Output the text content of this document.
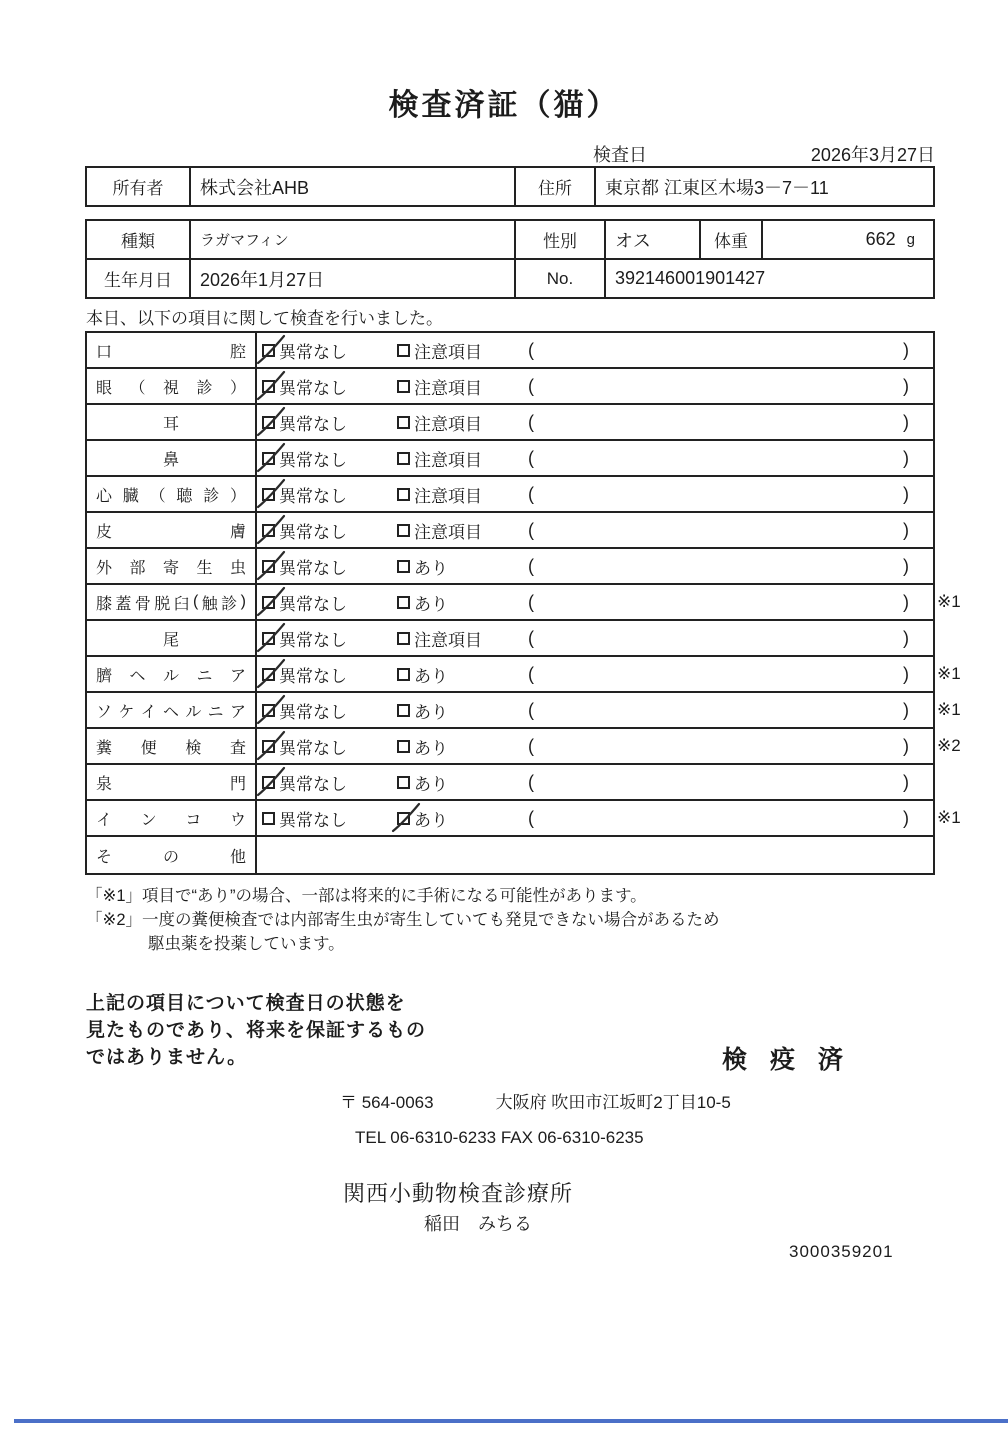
検査済証（猫）
検査日	2026年3月27日
所有者	株式会社AHB	住所	東京都 江東区木場3－7－11
種類	ラガマフィン	性別	オス	体重	662 g
生年月日	2026年1月27日	No.	392146001901427
本日、以下の項目に関して検査を行いました。
口	腔 異常なし	注意項目	(	)
眼 （ 視 診 ） 異常なし	注意項目	(	)
耳	異常なし	注意項目	(	)
鼻	異常なし	注意項目	(	)
心 臓 （ 聴 診 ） 異常なし	注意項目	(	)
皮	膚 異常なし	注意項目	(	)
外 部 寄 生 虫 異常なし	あり	(	)
膝 蓋 骨 脱 臼 ( 触 診 ) 異常なし	あり	(	) ※1
尾	異常なし	注意項目	(	)
臍 ヘ ル ニ ア 異常なし	あり	(	) ※1
ソ ケ イ ヘ ル ニ ア 異常なし	あり	(	) ※1
糞 便 検 査 異常なし	あり	(	) ※2
泉	門 異常なし	あり	(	)
イ ン コ ウ 異常なし	あり	(	) ※1
そ	の	他
「※1」項目で“あり”の場合、一部は将来的に手術になる可能性があります。
「※2」一度の糞便検査では内部寄生虫が寄生していても発見できない場合があるため
駆虫薬を投薬しています。
上記の項目について検査日の状態を
見たものであり、将来を保証するもの
ではありません。	検 疫 済
〒 564-0063	大阪府 吹田市江坂町2丁目10-5
TEL 06-6310-6233 FAX 06-6310-6235
関西小動物検査診療所
稲田　みちる
3000359201
